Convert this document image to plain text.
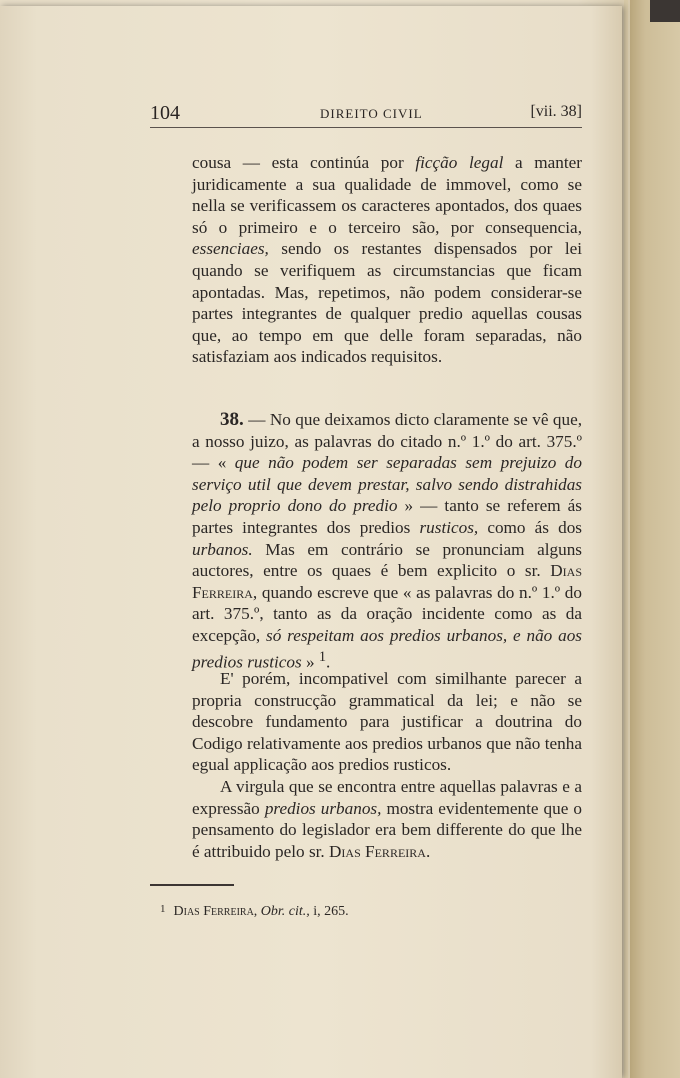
104	DIREITO CIVIL	[vii. 38]

cousa — esta continúa por ficção legal a manter juridicamente a sua qualidade de immovel, como se nella se verificassem os caracteres apontados, dos quaes só o primeiro e o terceiro são, por consequencia, essenciaes, sendo os restantes dispensados por lei quando se verifiquem as circumstancias que ficam apontadas. Mas, repetimos, não podem considerar-se partes integrantes de qualquer predio aquellas cousas que, ao tempo em que delle foram separadas, não satisfaziam aos indicados requisitos.

38. — No que deixamos dicto claramente se vê que, a nosso juizo, as palavras do citado n.º 1.º do art. 375.º — « que não podem ser separadas sem prejuizo do serviço util que devem prestar, salvo sendo distrahidas pelo proprio dono do predio » — tanto se referem ás partes integrantes dos predios rusticos, como ás dos urbanos. Mas em contrário se pronunciam alguns auctores, entre os quaes é bem explicito o sr. Dias Ferreira, quando escreve que « as palavras do n.º 1.º do art. 375.º, tanto as da oração incidente como as da excepção, só respeitam aos predios urbanos, e não aos predios rusticos » $^1$.

E' porém, incompativel com similhante parecer a propria construcção grammatical da lei; e não se descobre fundamento para justificar a doutrina do Codigo relativamente aos predios urbanos que não tenha egual applicação aos predios rusticos.

A virgula que se encontra entre aquellas palavras e a expressão predios urbanos, mostra evidentemente que o pensamento do legislador era bem differente do que lhe é attribuido pelo sr. Dias Ferreira.

$^1$ Dias Ferreira, Obr. cit., i, 265.
